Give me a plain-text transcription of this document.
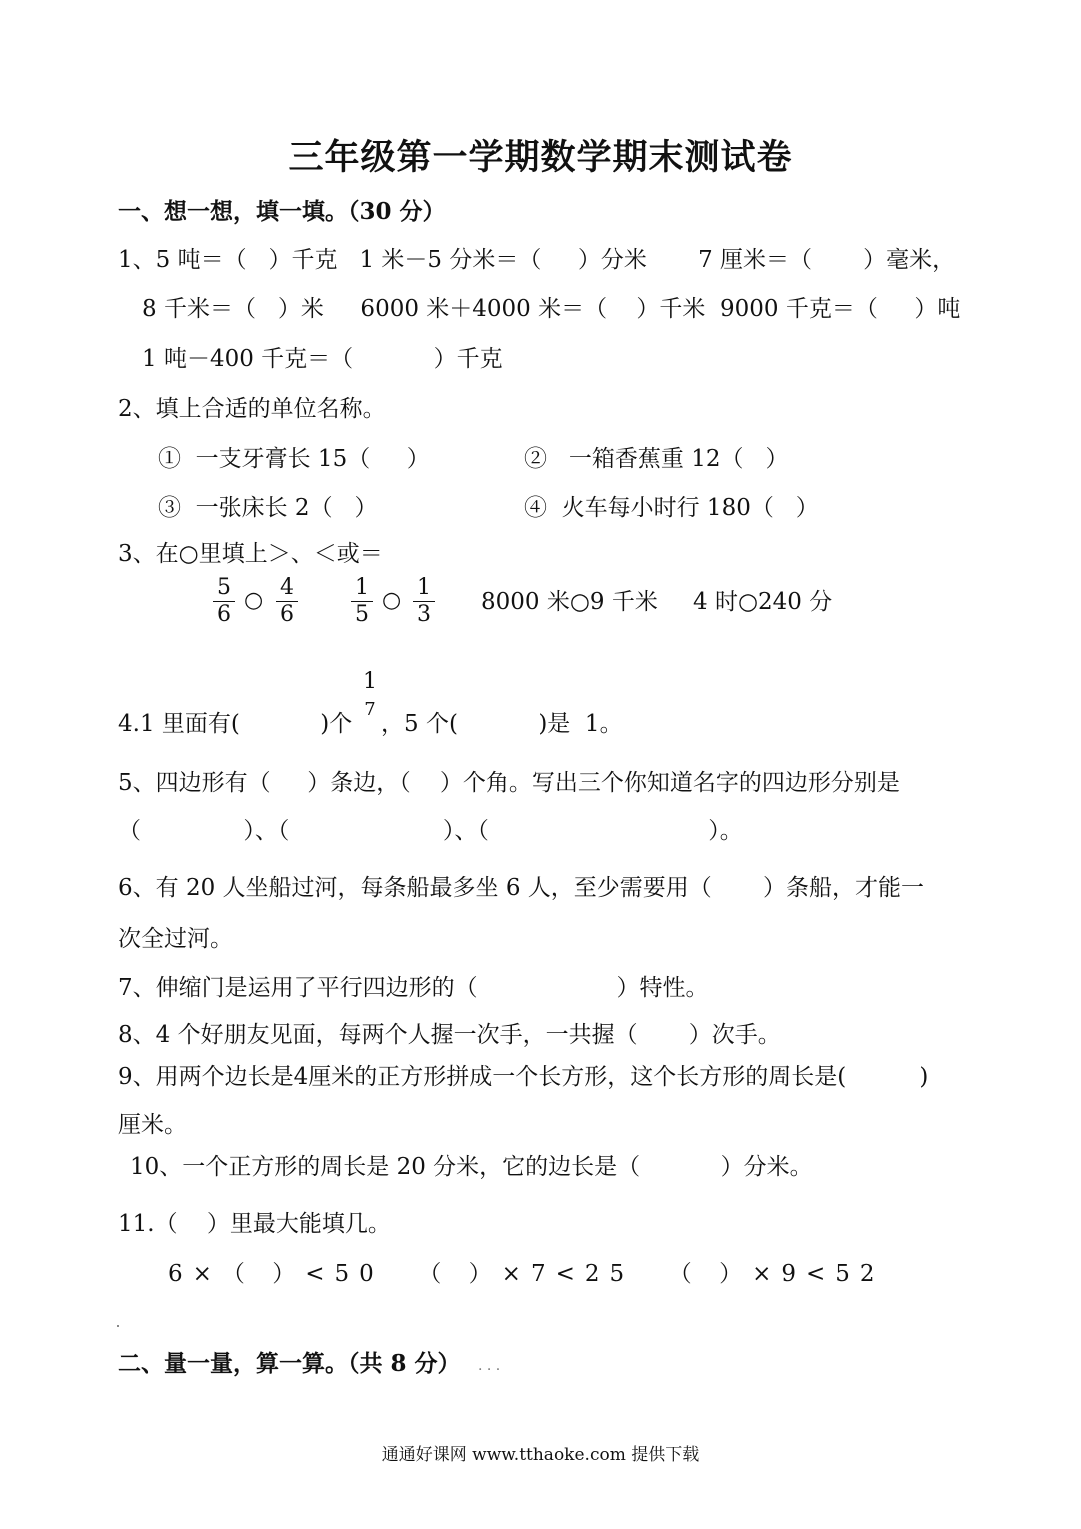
三年级第一学期数学期末测试卷
一、想一想，填一填。（30 分）
1、5 吨＝（   ）千克   1 米－5 分米＝（     ）分米       7 厘米＝（       ）毫米，
8 千米＝（   ）米     6000 米＋4000 米＝（    ）千米  9000 千克＝（     ）吨
1 吨－400 千克＝（           ）千克
2、填上合适的单位名称。
①  一支牙膏长 15（     ）	②   一箱香蕉重 12（   ）
③  一张床长 2（   ）	④  火车每小时行 180（   ）
3、在○里填上＞、＜或＝
$\frac{5}{6}$ ○ $\frac{4}{6} \frac{1}{5}$ ○ $\frac{1}{3} 8000$ 米○9 千米 4 时○240 分
4.1 里面有(           )个
1
7
，5 个(           )是  1。
5、四边形有（     ）条边，（    ）个角。写出三个你知道名字的四边形分别是
（              ）、（                     ）、（                              ）。
6、有 20 人坐船过河，每条船最多坐 6 人，至少需要用（       ）条船，才能一
次全过河。
7、伸缩门是运用了平行四边形的（                   ）特性。
8、4 个好朋友见面，每两个人握一次手，一共握（       ）次手。
9、用两个边长是4厘米的正方形拼成一个长方形，这个长方形的周长是(          )
厘米。
10、一个正方形的周长是 20 分米，它的边长是（           ）分米。
11.（    ）里最大能填几。
6×（ ）<50  （ ）×7<25  （ ）×9<52
二、量一量，算一算。（共 8 分） . . .
通通好课网 www.tthaoke.com 提供下载
